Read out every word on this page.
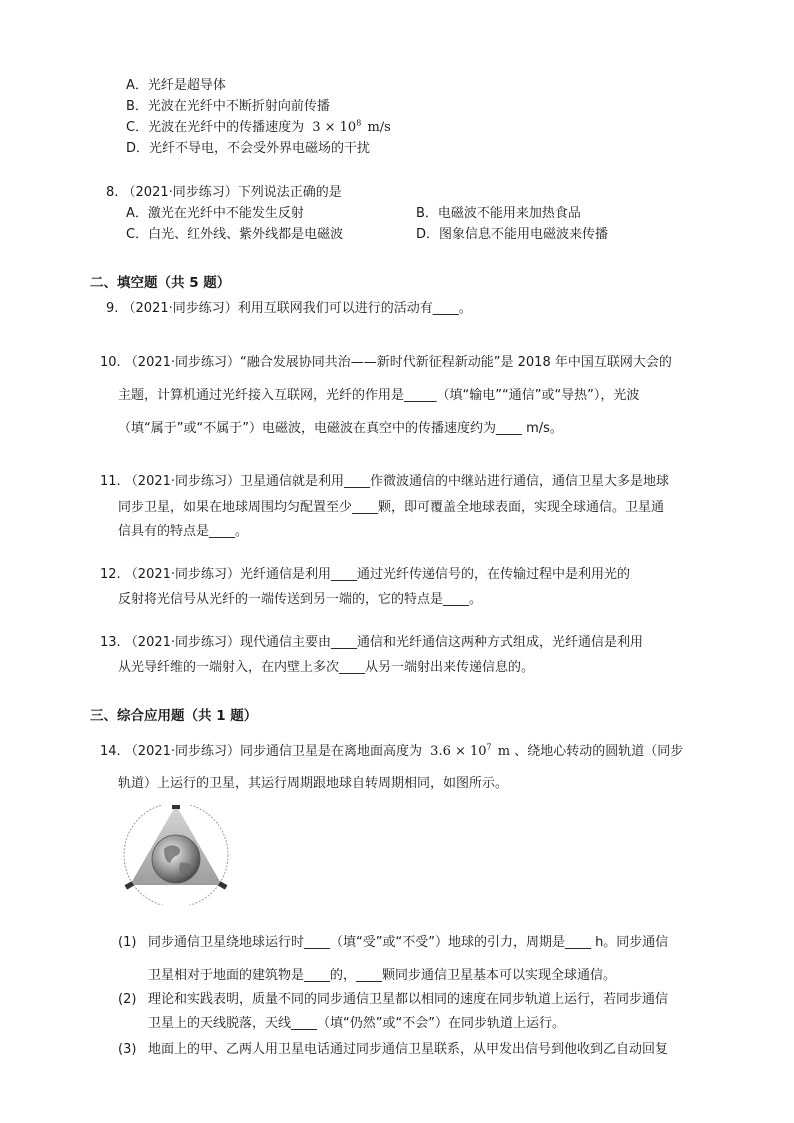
A．光纤是超导体
B．光波在光纤中不断折射向前传播
C．光波在光纤中的传播速度为 $3 \times 10^8$ m/s
D．光纤不导电，不会受外界电磁场的干扰
8. （2021·同步练习）下列说法正确的是
A．激光在光纤中不能发生反射	B．电磁波不能用来加热食品
C．白光、红外线、紫外线都是电磁波	D．图象信息不能用电磁波来传播
二、填空题（共 5 题）
9. （2021·同步练习）利用互联网我们可以进行的活动有____。
10. （2021·同步练习）“融合发展协同共治——新时代新征程新动能”是 2018 年中国互联网大会的
主题，计算机通过光纤接入互联网，光纤的作用是_____（填“输电”“通信”或“导热”），光波
（填“属于”或“不属于”）电磁波，电磁波在真空中的传播速度约为____ m/s。
11. （2021·同步练习）卫星通信就是利用____作微波通信的中继站进行通信，通信卫星大多是地球
同步卫星，如果在地球周围均匀配置至少____颗，即可覆盖全地球表面，实现全球通信。卫星通
信具有的特点是____。
12. （2021·同步练习）光纤通信是利用____通过光纤传递信号的，在传输过程中是利用光的
反射将光信号从光纤的一端传送到另一端的，它的特点是____。
13. （2021·同步练习）现代通信主要由____通信和光纤通信这两种方式组成，光纤通信是利用
从光导纤维的一端射入，在内壁上多次____从另一端射出来传递信息的。
三、综合应用题（共 1 题）
14. （2021·同步练习）同步通信卫星是在离地面高度为 $3.6 \times 10^7$ m 、绕地心转动的圆轨道（同步
轨道）上运行的卫星，其运行周期跟地球自转周期相同，如图所示。
(1) 同步通信卫星绕地球运行时____（填“受”或“不受”）地球的引力，周期是____ h。同步通信
卫星相对于地面的建筑物是____的，____颗同步通信卫星基本可以实现全球通信。
(2) 理论和实践表明，质量不同的同步通信卫星都以相同的速度在同步轨道上运行，若同步通信
卫星上的天线脱落，天线____（填“仍然”或“不会”）在同步轨道上运行。
(3) 地面上的甲、乙两人用卫星电话通过同步通信卫星联系，从甲发出信号到他收到乙自动回复
